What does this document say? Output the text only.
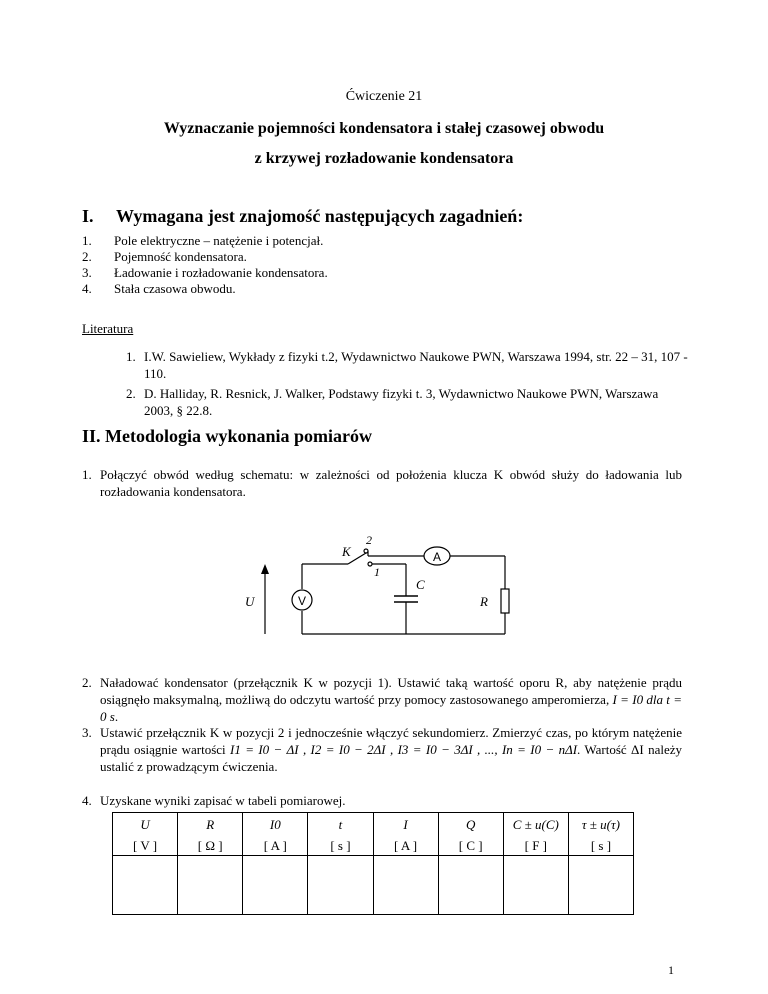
Ćwiczenie 21
Wyznaczanie pojemności kondensatora i stałej czasowej obwodu
z krzywej rozładowanie kondensatora
I. Wymagana jest znajomość następujących zagadnień:
1. Pole elektryczne – natężenie i potencjał.
2. Pojemność kondensatora.
3. Ładowanie i rozładowanie kondensatora.
4. Stała czasowa obwodu.
Literatura
1. I.W. Sawieliew, Wykłady z fizyki t.2, Wydawnictwo Naukowe PWN, Warszawa 1994, str. 22 – 31, 107 - 110.
2. D. Halliday, R. Resnick, J. Walker, Podstawy fizyki t. 3, Wydawnictwo Naukowe PWN, Warszawa 2003, § 22.8.
II. Metodologia wykonania pomiarów
1. Połączyć obwód według schematu: w zależności od położenia klucza K obwód służy do ładowania lub rozładowania kondensatora.
U	V
K
2
1
A
C
R
2. Naładować kondensator (przełącznik K w pozycji 1). Ustawić taką wartość oporu R, aby natężenie prądu osiągnęło maksymalną, możliwą do odczytu wartość przy pomocy zastosowanego amperomierza, I = I0 dla t = 0 s.
3. Ustawić przełącznik K w pozycji 2 i jednocześnie włączyć sekundomierz. Zmierzyć czas, po którym natężenie prądu osiągnie wartości I1 = I0 − ΔI , I2 = I0 − 2ΔI , I3 = I0 − 3ΔI , ..., In = I0 − nΔI. Wartość ΔI należy ustalić z prowadzącym ćwiczenia.
4. Uzyskane wyniki zapisać w tabeli pomiarowej.
U	R	I0	t	I	Q	C ± u(C)	τ ± u(τ)
[ V ]	[ Ω ]	[ A ]	[ s ]	[ A ]	[ C ]	[ F ]	[ s ]

1
